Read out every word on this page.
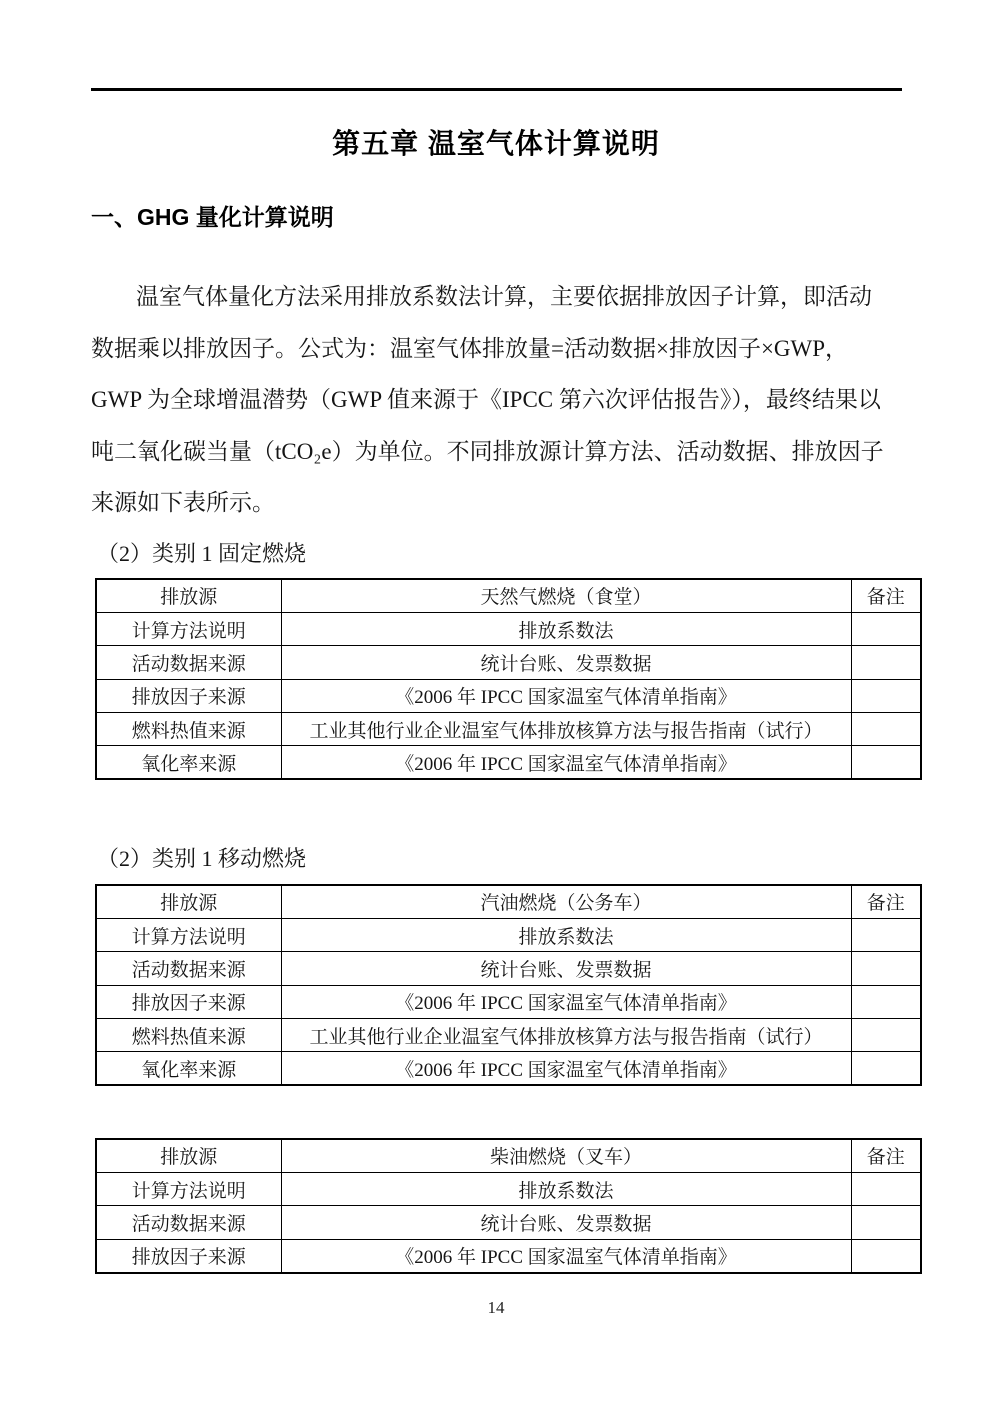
第五章 温室气体计算说明
一、GHG 量化计算说明
温室气体量化方法采用排放系数法计算，主要依据排放因子计算，即活动
数据乘以排放因子。公式为：温室气体排放量=活动数据×排放因子×GWP，
GWP 为全球增温潜势（GWP 值来源于《IPCC 第六次评估报告》），最终结果以
吨二氧化碳当量（tCO₂e）为单位。不同排放源计算方法、活动数据、排放因子
来源如下表所示。
（2）类别 1 固定燃烧
排放源	天然气燃烧（食堂）	备注
计算方法说明	排放系数法	
活动数据来源	统计台账、发票数据	
排放因子来源	《2006 年 IPCC 国家温室气体清单指南》	
燃料热值来源	工业其他行业企业温室气体排放核算方法与报告指南（试行）	
氧化率来源	《2006 年 IPCC 国家温室气体清单指南》	
（2）类别 1 移动燃烧
排放源	汽油燃烧（公务车）	备注
计算方法说明	排放系数法	
活动数据来源	统计台账、发票数据	
排放因子来源	《2006 年 IPCC 国家温室气体清单指南》	
燃料热值来源	工业其他行业企业温室气体排放核算方法与报告指南（试行）	
氧化率来源	《2006 年 IPCC 国家温室气体清单指南》	
排放源	柴油燃烧（叉车）	备注
计算方法说明	排放系数法	
活动数据来源	统计台账、发票数据	
排放因子来源	《2006 年 IPCC 国家温室气体清单指南》	
14
